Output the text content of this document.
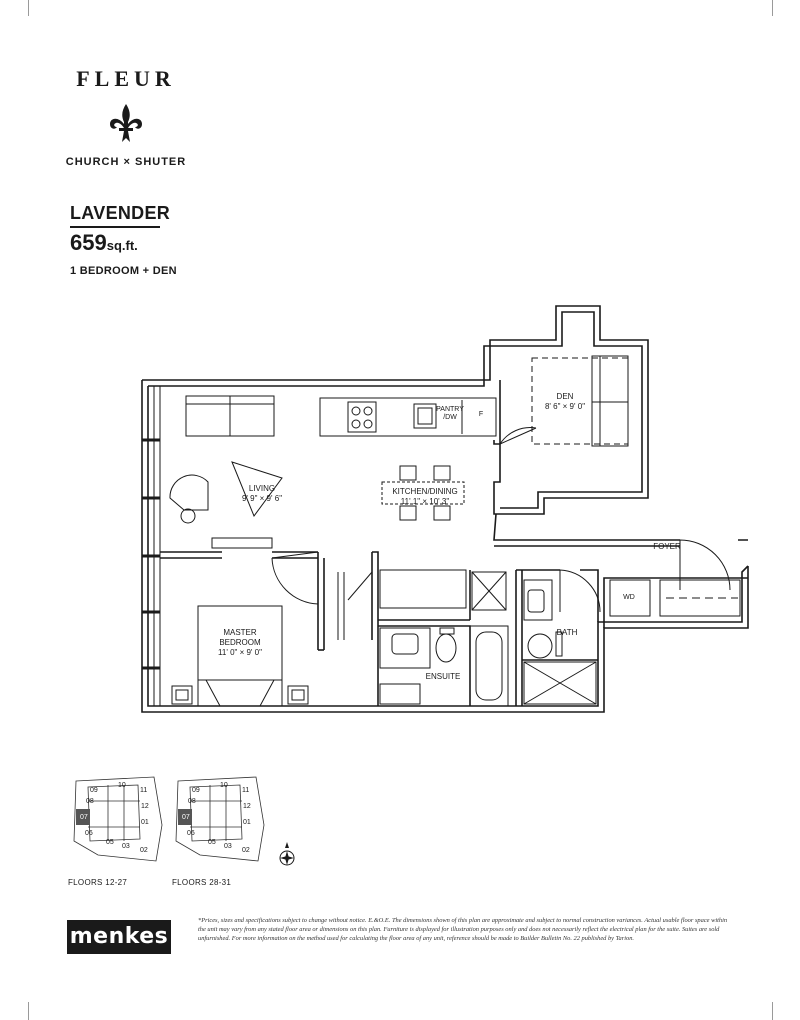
FLEUR
CHURCH × SHUTER
LAVENDER
659sq.ft.
1 BEDROOM + DEN
LIVING
9' 9" × 9' 6"
KITCHEN/DINING
11' 1" × 10' 3"
DEN
8' 6" × 9' 0"
MASTER
BEDROOM
11' 0" × 9' 0"
FOYER
BATH
ENSUITE
WD
PANTRY
/DW	F
09
10
11
08
12
07
01
06
05
03
02
09
10
11
08
12
07
01
06
05
03
02
FLOORS 12-27	FLOORS 28-31
menkes
*Prices, sizes and specifications subject to change without notice. E.&O.E. The dimensions shown of this plan are approximate and subject to normal construction variances. Actual usable floor space within the unit may vary from any stated floor area or dimensions on this plan. Furniture is displayed for illustration purposes only and does not necessarily reflect the electrical plan for the suite. Suites are sold unfurnished. For more information on the method used for calculating the floor area of any unit, reference should be made to Builder Bulletin No. 22 published by Tarion.
